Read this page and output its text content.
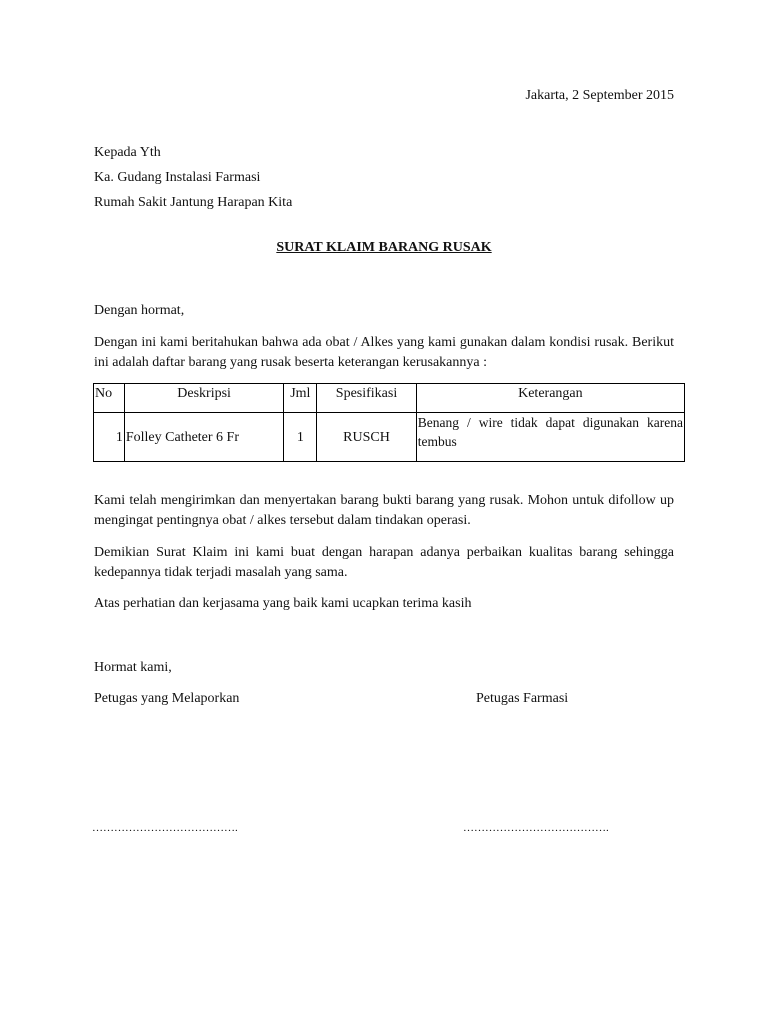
Jakarta, 2 September 2015
Kepada Yth
Ka. Gudang Instalasi Farmasi
Rumah Sakit Jantung Harapan Kita
SURAT KLAIM BARANG RUSAK
Dengan hormat,
Dengan ini kami beritahukan bahwa ada obat / Alkes yang kami gunakan dalam kondisi rusak. Berikut ini adalah daftar barang yang rusak beserta keterangan kerusakannya :
No	Deskripsi	Jml	Spesifikasi	Keterangan
1	Folley Catheter 6 Fr	1	RUSCH	Benang / wire tidak dapat digunakan karena tembus
Kami telah mengirimkan dan menyertakan barang bukti barang yang rusak. Mohon untuk difollow up mengingat pentingnya obat / alkes tersebut dalam tindakan operasi.
Demikian Surat Klaim ini kami buat dengan harapan adanya perbaikan kualitas barang sehingga kedepannya tidak terjadi masalah yang sama.
Atas perhatian dan kerjasama yang baik kami ucapkan terima kasih
Hormat kami,
Petugas yang Melaporkan	Petugas Farmasi
………………………………….	………………………………….
